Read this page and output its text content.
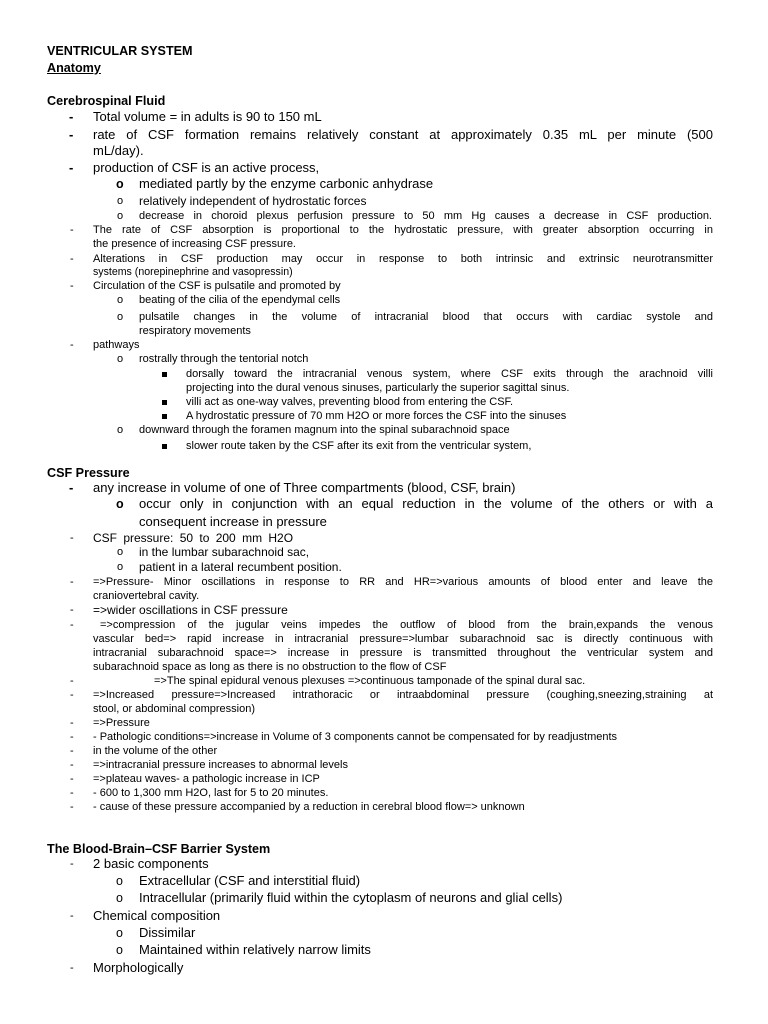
VENTRICULAR SYSTEM
Anatomy
Cerebrospinal Fluid
- Total volume = in adults is 90 to 150 mL
- rate of CSF formation remains relatively constant at approximately 0.35 mL per minute (500
mL/day).
- production of CSF is an active process,
o mediated partly by the enzyme carbonic anhydrase
o relatively independent of hydrostatic forces
o decrease in choroid plexus perfusion pressure to 50 mm Hg causes a decrease in CSF production.
- The rate of CSF absorption is proportional to the hydrostatic pressure, with greater absorption occurring in
the presence of increasing CSF pressure.
- Alterations in CSF production may occur in response to both intrinsic and extrinsic neurotransmitter
systems (norepinephrine and vasopressin)
- Circulation of the CSF is pulsatile and promoted by
o beating of the cilia of the ependymal cells
o pulsatile changes in the volume of intracranial blood that occurs with cardiac systole and
respiratory movements
- pathways
o rostrally through the tentorial notch
dorsally toward the intracranial venous system, where CSF exits through the arachnoid villi
projecting into the dural venous sinuses, particularly the superior sagittal sinus.
villi act as one-way valves, preventing blood from entering the CSF.
A hydrostatic pressure of 70 mm H2O or more forces the CSF into the sinuses
o downward through the foramen magnum into the spinal subarachnoid space
slower route taken by the CSF after its exit from the ventricular system,
CSF Pressure
- any increase in volume of one of Three compartments (blood, CSF, brain)
o occur only in conjunction with an equal reduction in the volume of the others or with a
consequent increase in pressure
- CSF pressure: 50 to 200 mm H2O
o in the lumbar subarachnoid sac,
o patient in a lateral recumbent position.
- =>Pressure- Minor oscillations in response to RR and HR=>various amounts of blood enter and leave the
craniovertebral cavity.
- =>wider oscillations in CSF pressure
- =>compression of the jugular veins impedes the outflow of blood from the brain,expands the venous
vascular bed=> rapid increase in intracranial pressure=>lumbar subarachnoid sac is directly continuous with
intracranial subarachnoid space=> increase in pressure is transmitted throughout the ventricular system and
subarachnoid space as long as there is no obstruction to the flow of CSF
-	=>The spinal epidural venous plexuses =>continuous tamponade of the spinal dural sac.
- =>Increased pressure=>Increased intrathoracic or intraabdominal pressure (coughing,sneezing,straining at
stool, or abdominal compression)
- =>Pressure
- - Pathologic conditions=>increase in Volume of 3 components cannot be compensated for by readjustments
- in the volume of the other
- =>intracranial pressure increases to abnormal levels
- =>plateau waves- a pathologic increase in ICP
- - 600 to 1,300 mm H2O, last for 5 to 20 minutes.
- - cause of these pressure accompanied by a reduction in cerebral blood flow=> unknown
The Blood-Brain–CSF Barrier System
- 2 basic components
o Extracellular (CSF and interstitial fluid)
o Intracellular (primarily fluid within the cytoplasm of neurons and glial cells)
- Chemical composition
o Dissimilar
o Maintained within relatively narrow limits
- Morphologically
